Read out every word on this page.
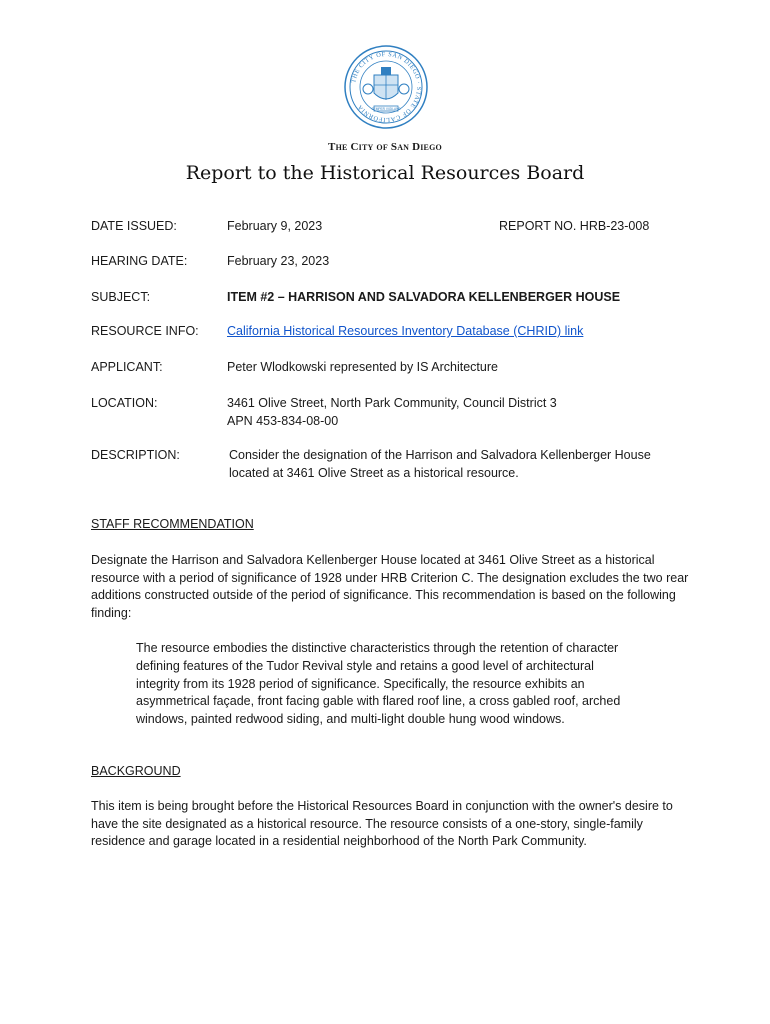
THE CITY OF SAN DIEGO · STATE OF CALIFORNIA	SEMPER VIGILANS
The City of San Diego
Report to the Historical Resources Board
DATE ISSUED:	February 9, 2023	REPORT NO. HRB-23-008
HEARING DATE:	February 23, 2023
SUBJECT:	ITEM #2 – HARRISON AND SALVADORA KELLENBERGER HOUSE
RESOURCE INFO: California Historical Resources Inventory Database (CHRID) link
APPLICANT:	Peter Wlodkowski represented by IS Architecture
LOCATION:	3461 Olive Street, North Park Community, Council District 3
APN 453-834-08-00
DESCRIPTION:	Consider the designation of the Harrison and Salvadora Kellenberger House
located at 3461 Olive Street as a historical resource.
STAFF RECOMMENDATION
Designate the Harrison and Salvadora Kellenberger House located at 3461 Olive Street as a historical resource with a period of significance of 1928 under HRB Criterion C. The designation excludes the two rear additions constructed outside of the period of significance. This recommendation is based on the following finding:
The resource embodies the distinctive characteristics through the retention of character defining features of the Tudor Revival style and retains a good level of architectural integrity from its 1928 period of significance. Specifically, the resource exhibits an asymmetrical façade, front facing gable with flared roof line, a cross gabled roof, arched windows, painted redwood siding, and multi-light double hung wood windows.
BACKGROUND
This item is being brought before the Historical Resources Board in conjunction with the owner's desire to have the site designated as a historical resource. The resource consists of a one-story, single-family residence and garage located in a residential neighborhood of the North Park Community.
